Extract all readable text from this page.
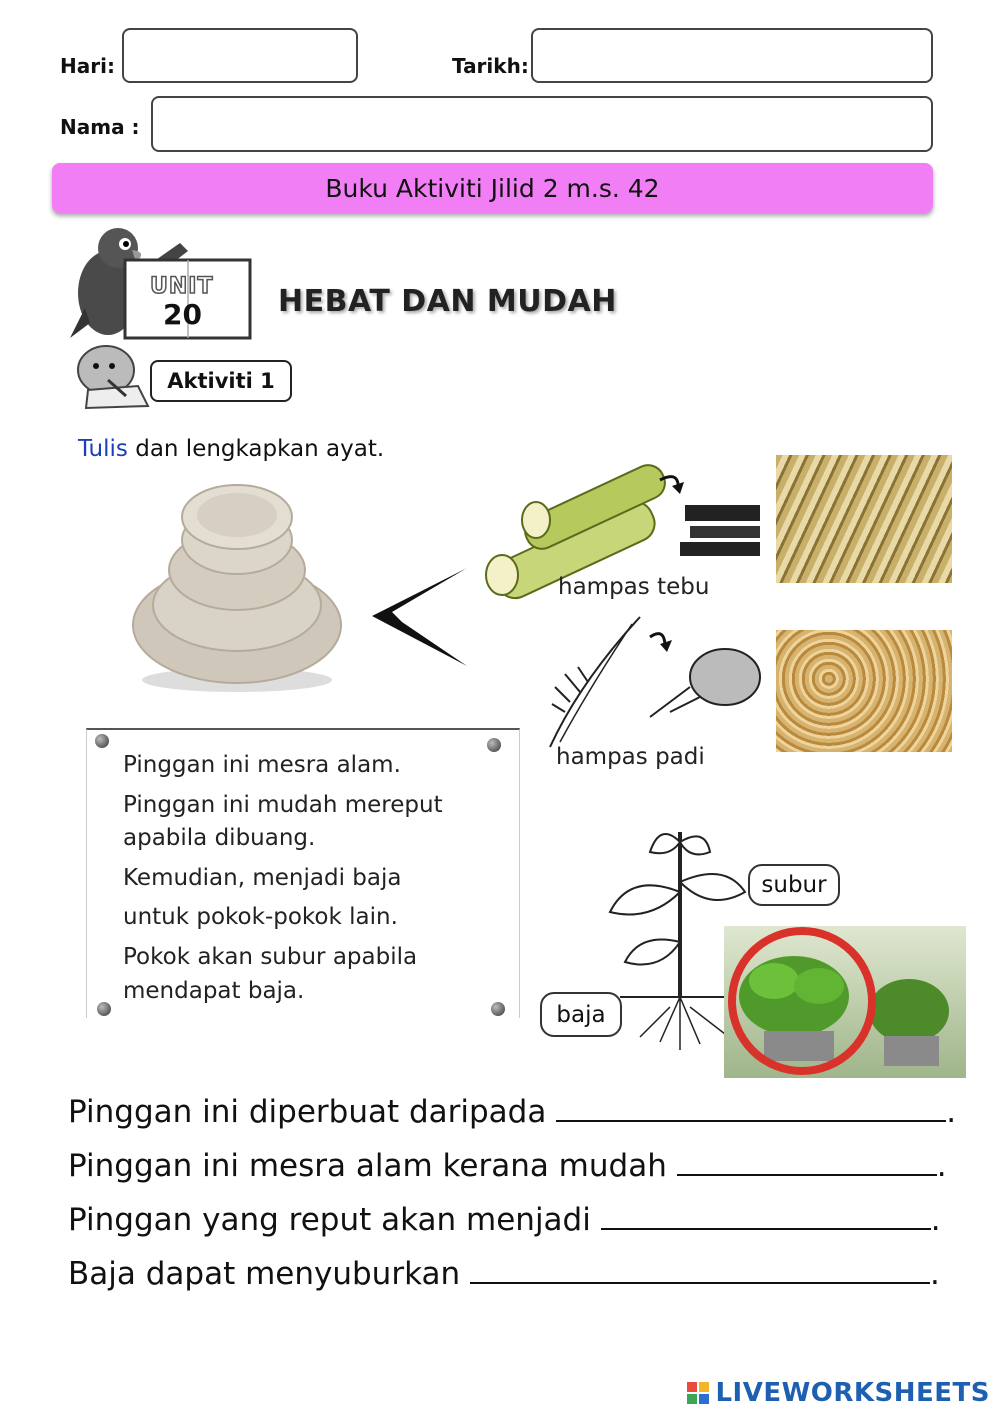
Hari:	Tarikh:
Nama :
Buku Aktiviti Jilid 2 m.s. 42
UNIT
20	HEBAT DAN MUDAH
Aktiviti 1
Tulis dan lengkapkan ayat.
hampas tebu
hampas padi

Pinggan ini mesra alam.

Pinggan ini mudah mereput

apabila dibuang.

Kemudian, menjadi baja

untuk pokok-pokok lain.

Pokok akan subur apabila

mendapat baja.

subur
baja
Pinggan ini diperbuat daripada	.
Pinggan ini mesra alam kerana mudah	.
Pinggan yang reput akan menjadi	.
Baja dapat menyuburkan	.
LIVEWORKSHEETS
